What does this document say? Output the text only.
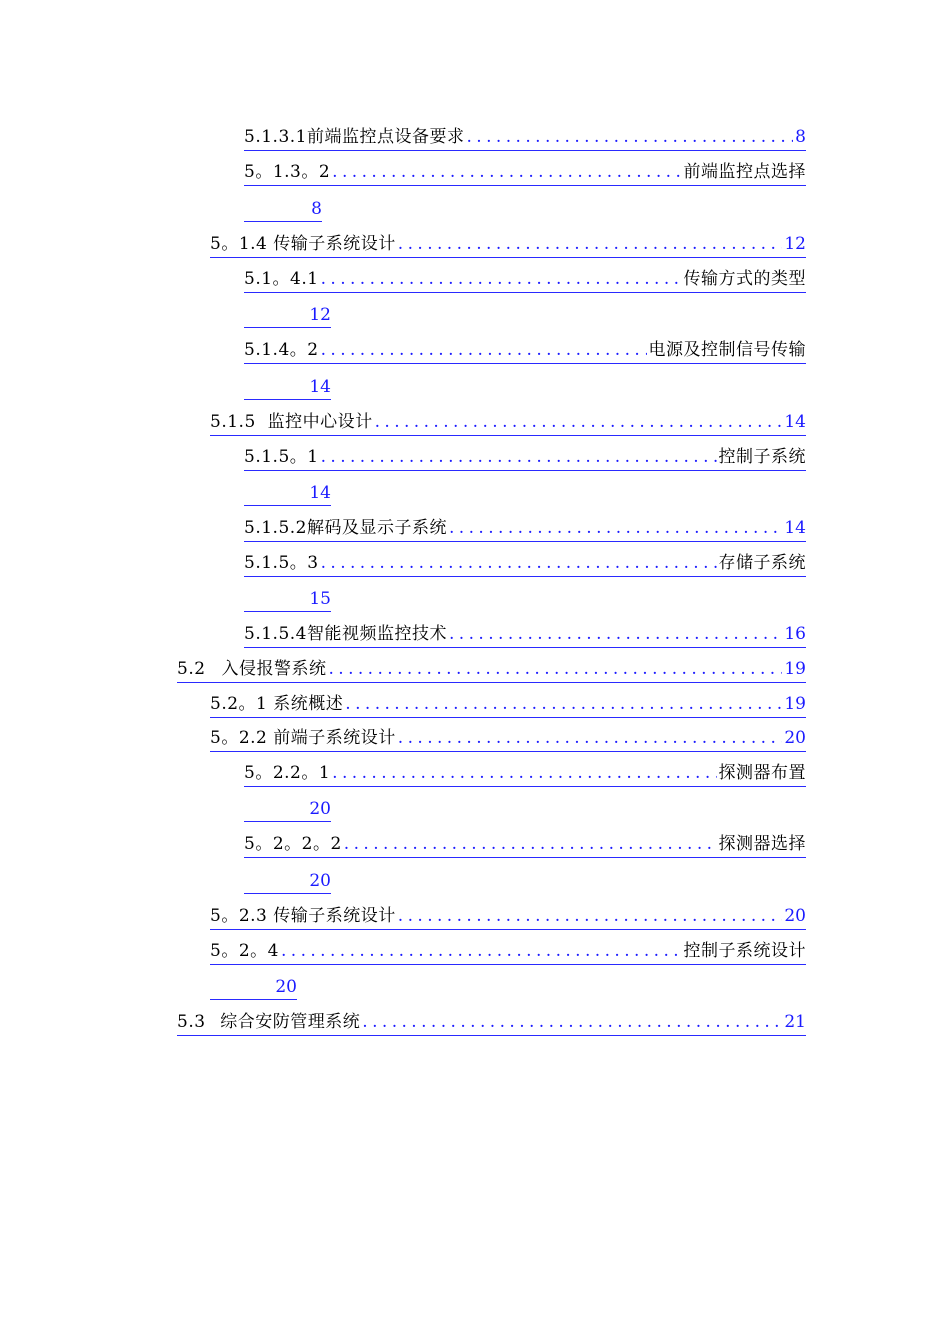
5.1.3.1前端监控点设备要求 . . .	8
5。1.3。2 . . .	前端监控点选择
8
5。1.4 传输子系统设计 . . .	12
5.1。4.1 . . .	传输方式的类型
12
5.1.4。2 . . .	电源及控制信号传输
14
5.1.5  监控中心设计 . . .	14
5.1.5。1 . . .	控制子系统
14
5.1.5.2解码及显示子系统 . . .	14
5.1.5。3 . . .	存储子系统
15
5.1.5.4智能视频监控技术 . . .	16
5.2 入侵报警系统 . . .	19
5.2。1 系统概述 . . .	19
5。2.2 前端子系统设计 . . .	20
5。2.2。1 . . .	探测器布置
20
5。2。2。2 . . .	探测器选择
20
5。2.3 传输子系统设计 . . .	20
5。2。4 . . .	控制子系统设计
20
5.3 综合安防管理系统 . . .	21
